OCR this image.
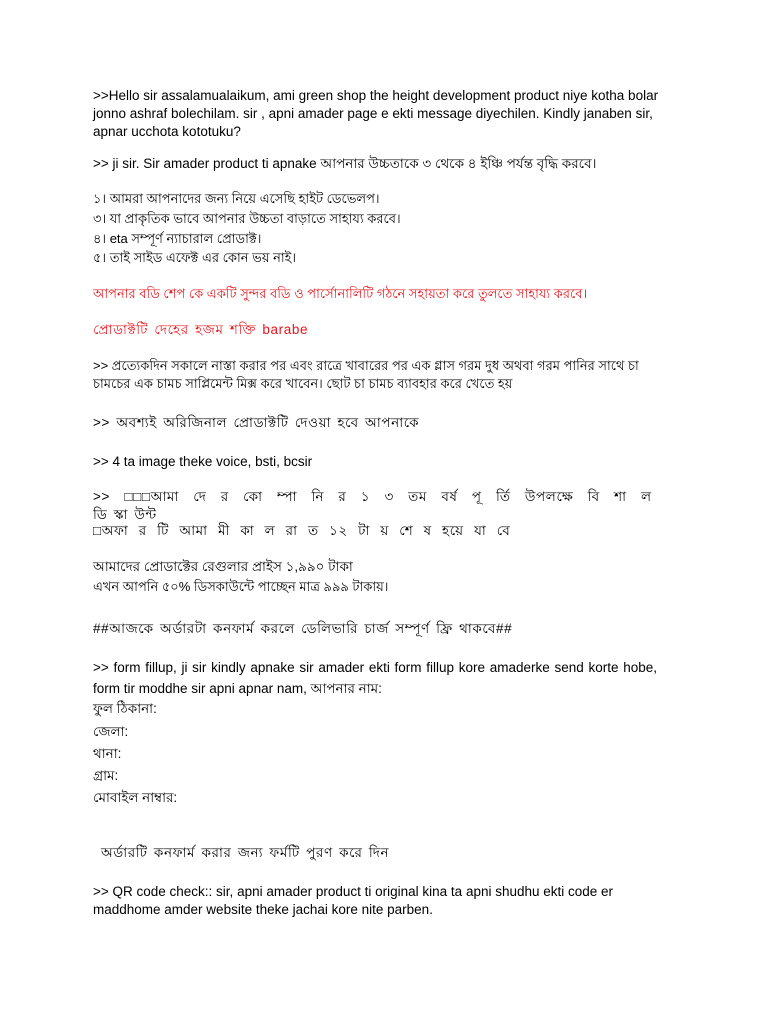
>>Hello sir assalamualaikum, ami green shop the height development product niye kotha bolar jonno ashraf bolechilam. sir , apni amader page e ekti message diyechilen. Kindly janaben sir, apnar ucchota kototuku?
>> ji sir. Sir amader product ti apnake আপনার উচ্চতাকে ৩ থেকে ৪ ইঞ্চি পর্যন্ত বৃদ্ধি করবে।
১। আমরা আপনাদের জন্য নিয়ে এসেছি হাইট ডেভেলপ।
৩। যা প্রাকৃতিক ভাবে আপনার উচ্চতা বাড়াতে সাহায্য করবে।
৪। eta সম্পূর্ণ ন্যাচারাল প্রোডাক্ট।
৫। তাই সাইড এফেক্ট এর কোন ভয় নাই।
আপনার বডি শেপ কে একটি সুন্দর বডি ও পার্সোনালিটি গঠনে সহায়তা করে তুলতে সাহায্য করবে।
প্রোডাক্টটি দেহের হজম শক্তি barabe
>> প্রত্যেকদিন সকালে নাস্তা করার পর এবং রাত্রে খাবারের পর এক গ্লাস গরম দুধ অথবা গরম পানির সাথে চা চামচের এক চামচ সাপ্লিমেন্ট মিক্স করে খাবেন। ছোট চা চামচ ব্যাবহার করে খেতে হয়
>> অবশ্যই অরিজিনাল প্রোডাক্টটি দেওয়া হবে আপনাকে
>> 4 ta image theke voice, bsti, bcsir
>> □□□আমা দে র কো ম্পা নি র ১ ৩ তম বর্ষ পূ র্তি উপলক্ষে বি শা ল
ডি স্কা উন্ট
□অফা র টি আমা মী কা ল রা ত ১২ টা য় শে ষ হয়ে যা বে
আমাদের প্রোডাক্টের রেগুলার প্রাইস ১,৯৯০ টাকা
এখন আপনি ৫০% ডিসকাউন্টে পাচ্ছেন মাত্র ৯৯৯ টাকায়।
##আজকে অর্ডারটা কনফার্ম করলে ডেলিভারি চার্জ সম্পূর্ণ ফ্রি থাকবে##
>> form fillup, ji sir kindly apnake sir amader ekti form fillup kore amaderke send korte hobe, form tir moddhe sir apni apnar nam, আপনার নাম:
ফুল ঠিকানা:
জেলা:
থানা:
গ্রাম:
মোবাইল নাম্বার:
অর্ডারটি কনফার্ম করার জন্য ফর্মটি পুরণ করে দিন
>> QR code check:: sir, apni amader product ti original kina ta apni shudhu ekti code er maddhome amder website theke jachai kore nite parben.
